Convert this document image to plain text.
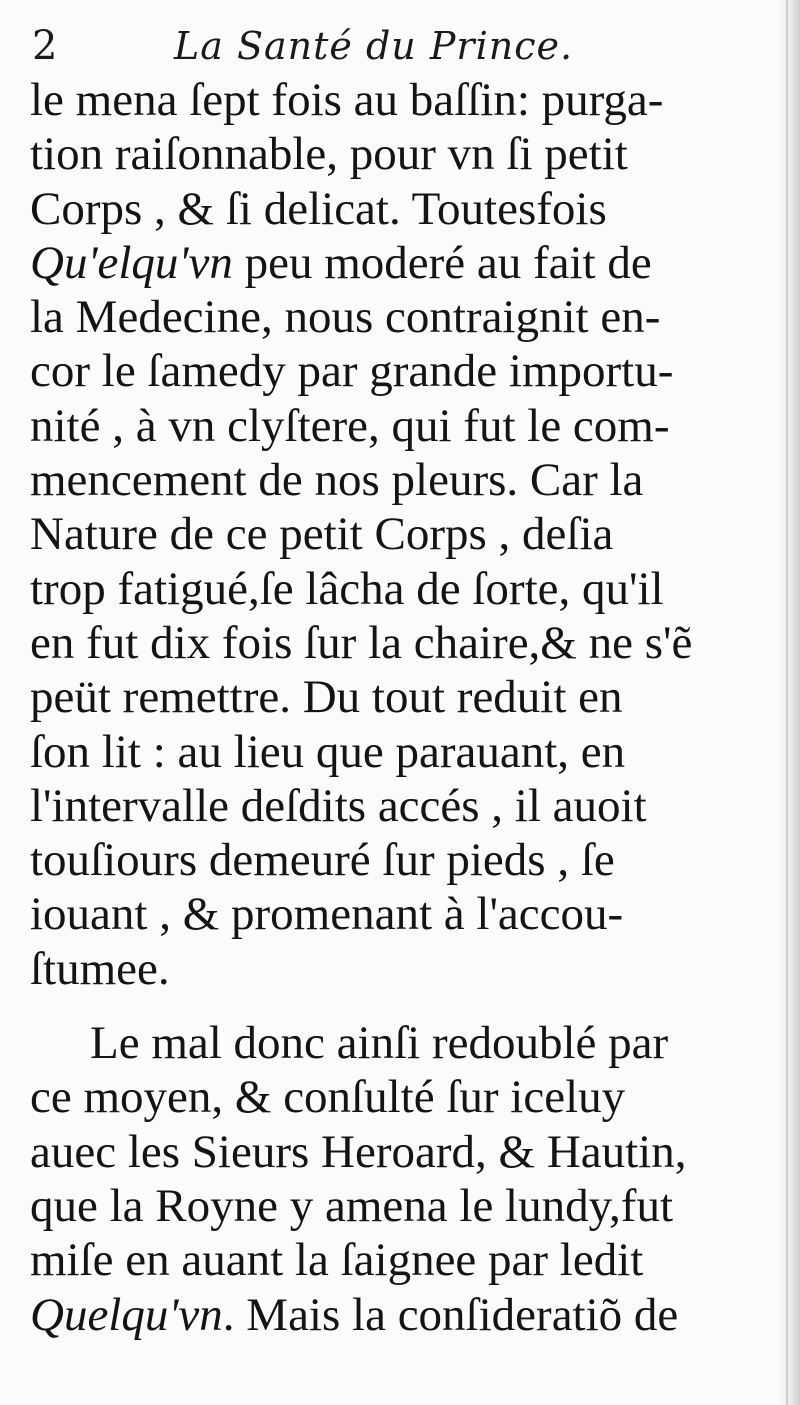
2	La Santé du Prince.
le mena ſept fois au baſſin: purga-
tion raiſonnable, pour vn ſi petit
Corps , & ſi delicat. Toutesfois
Qu'elqu'vn peu moderé au fait de
la Medecine, nous contraignit en-
cor le ſamedy par grande importu-
nité , à vn clyſtere, qui fut le com-
mencement de nos pleurs. Car la
Nature de ce petit Corps , deſia
trop fatigué,ſe lâcha de ſorte, qu'il
en fut dix fois ſur la chaire,& ne s'ẽ
peüt remettre. Du tout reduit en
ſon lit : au lieu que parauant, en
l'intervalle deſdits accés , il auoit
touſiours demeuré ſur pieds , ſe
iouant , & promenant à l'accou-
ſtumee.
Le mal donc ainſi redoublé par
ce moyen, & conſulté ſur iceluy
auec les Sieurs Heroard, & Hautin,
que la Royne y amena le lundy,fut
miſe en auant la ſaignee par ledit
Quelqu'vn. Mais la conſideratiõ de
